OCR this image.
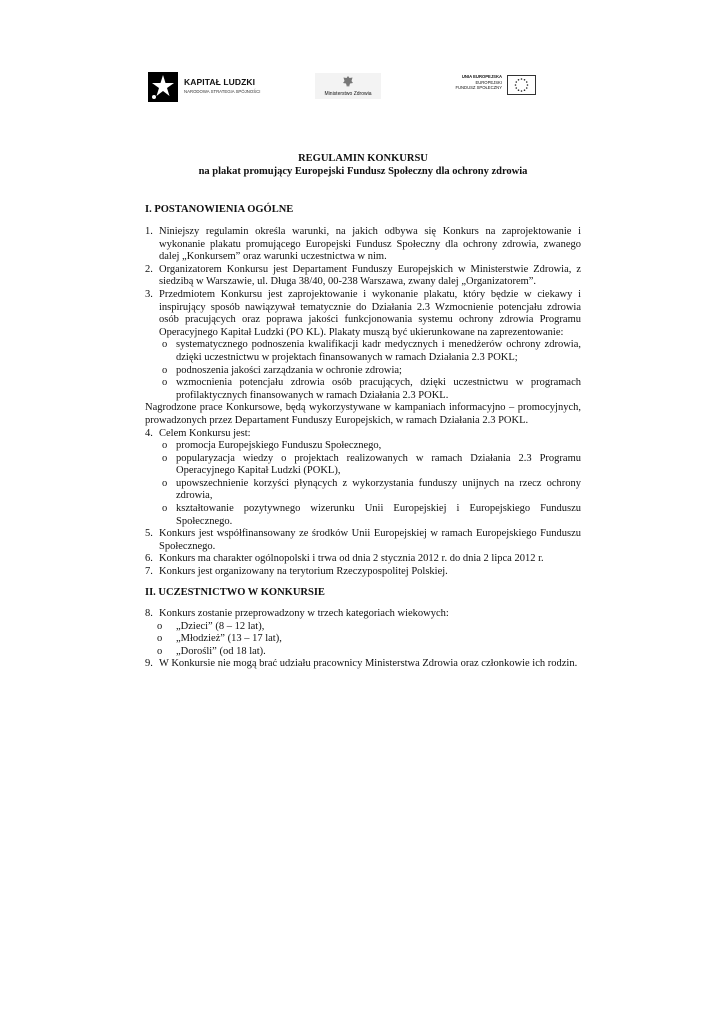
KAPITAŁ LUDZKI
NARODOWA STRATEGIA SPÓJNOŚCI	Ministerstwo Zdrowia
UNIA EUROPEJSKA
EUROPEJSKI
FUNDUSZ SPOŁECZNY
REGULAMIN KONKURSU
na plakat promujący Europejski Fundusz Społeczny dla ochrony zdrowia
I. POSTANOWIENIA OGÓLNE
1. Niniejszy regulamin określa warunki, na jakich odbywa się Konkurs na zaprojektowanie i wykonanie plakatu promującego Europejski Fundusz Społeczny dla ochrony zdrowia, zwanego dalej „Konkursem” oraz warunki uczestnictwa w nim.
2. Organizatorem Konkursu jest Departament Funduszy Europejskich w Ministerstwie Zdrowia, z siedzibą w Warszawie, ul. Długa 38/40, 00-238 Warszawa, zwany dalej „Organizatorem”.
3. Przedmiotem Konkursu jest zaprojektowanie i wykonanie plakatu, który będzie w ciekawy i inspirujący sposób nawiązywał tematycznie do Działania 2.3 Wzmocnienie potencjału zdrowia osób pracujących oraz poprawa jakości funkcjonowania systemu ochrony zdrowia Programu Operacyjnego Kapitał Ludzki (PO KL). Plakaty muszą być ukierunkowane na zaprezentowanie:
o systematycznego podnoszenia kwalifikacji kadr medycznych i menedżerów ochrony zdrowia, dzięki uczestnictwu w projektach finansowanych w ramach Działania 2.3 POKL;
o podnoszenia jakości zarządzania w ochronie zdrowia;
o wzmocnienia potencjału zdrowia osób pracujących, dzięki uczestnictwu w programach profilaktycznych finansowanych w ramach Działania 2.3 POKL.
Nagrodzone prace Konkursowe, będą wykorzystywane w kampaniach informacyjno – promocyjnych, prowadzonych przez Departament Funduszy Europejskich, w ramach Działania 2.3 POKL.
4. Celem Konkursu jest:
o promocja Europejskiego Funduszu Społecznego,
o popularyzacja wiedzy o projektach realizowanych w ramach Działania 2.3 Programu Operacyjnego Kapitał Ludzki (POKL),
o upowszechnienie korzyści płynących z wykorzystania funduszy unijnych na rzecz ochrony zdrowia,
o kształtowanie pozytywnego wizerunku Unii Europejskiej i Europejskiego Funduszu Społecznego.
5. Konkurs jest współfinansowany ze środków Unii Europejskiej w ramach Europejskiego Funduszu Społecznego.
6. Konkurs ma charakter ogólnopolski i trwa od dnia 2 stycznia 2012 r. do dnia 2 lipca 2012 r.
7. Konkurs jest organizowany na terytorium Rzeczypospolitej Polskiej.
II. UCZESTNICTWO W KONKURSIE
8. Konkurs zostanie przeprowadzony w trzech kategoriach wiekowych:
o „Dzieci” (8 – 12 lat),
o „Młodzież” (13 – 17 lat),
o „Dorośli” (od 18 lat).
9. W Konkursie nie mogą brać udziału pracownicy Ministerstwa Zdrowia oraz członkowie ich rodzin.
